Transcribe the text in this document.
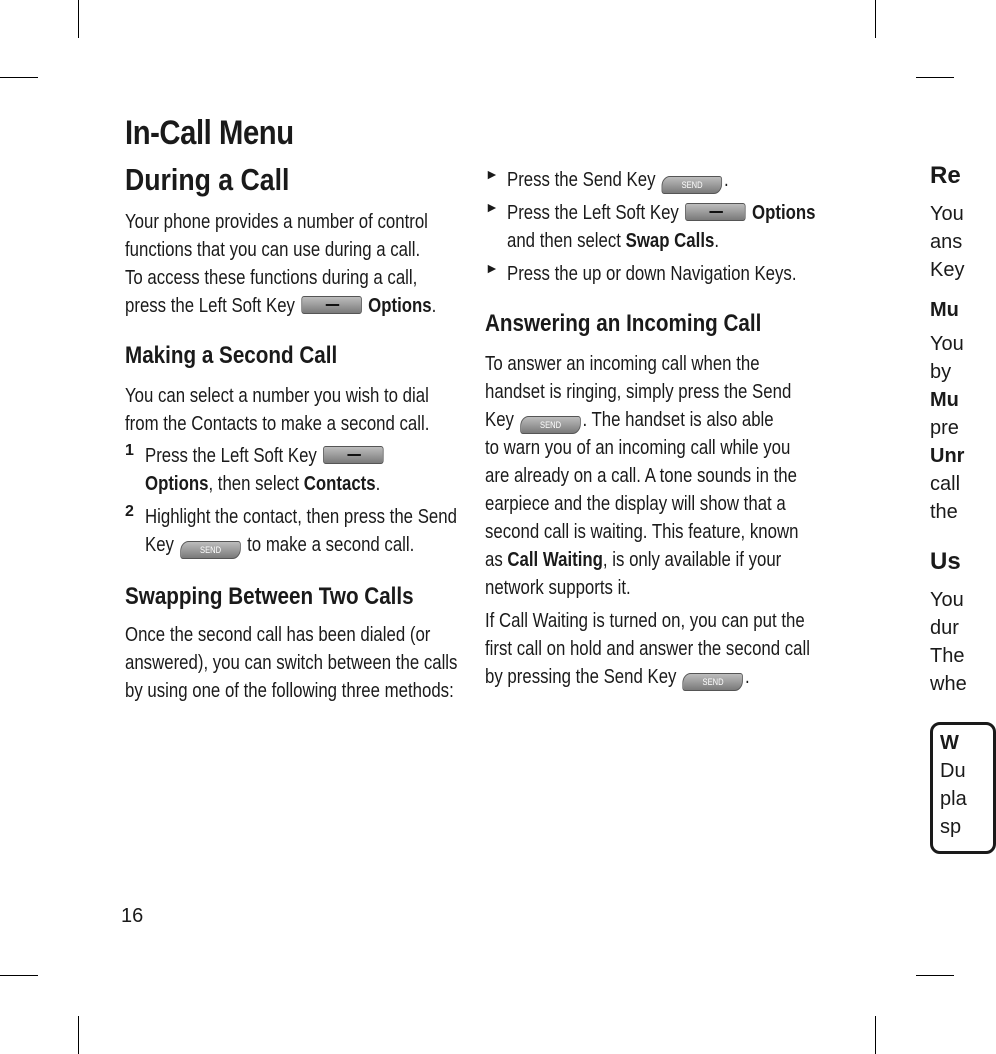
In-Call Menu
During a Call
Your phone provides a number of control
functions that you can use during a call.
To access these functions during a call,
press the Left Soft Key	Options.
Making a Second Call
You can select a number you wish to dial
from the Contacts to make a second call.
1 Press the Left Soft Key
Options, then select Contacts.
2 Highlight the contact, then press the Send
Key	SEND to make a second call.
Swapping Between Two Calls
Once the second call has been dialed (or
answered), you can switch between the calls
by using one of the following three methods:
► Press the Send Key	SEND .
► Press the Left Soft Key	Options
and then select Swap Calls.
► Press the up or down Navigation Keys.
Answering an Incoming Call
To answer an incoming call when the
handset is ringing, simply press the Send
Key	SEND . The handset is also able
to warn you of an incoming call while you
are already on a call. A tone sounds in the
earpiece and the display will show that a
second call is waiting. This feature, known
as Call Waiting, is only available if your
network supports it.
If Call Waiting is turned on, you can put the
first call on hold and answer the second call
by pressing the Send Key	SEND .
Re
You
ans
Key
Mu
You
by
Mu
pre
Unr
call
the
Us
You
dur
The
whe
W
Du
pla
sp
16
